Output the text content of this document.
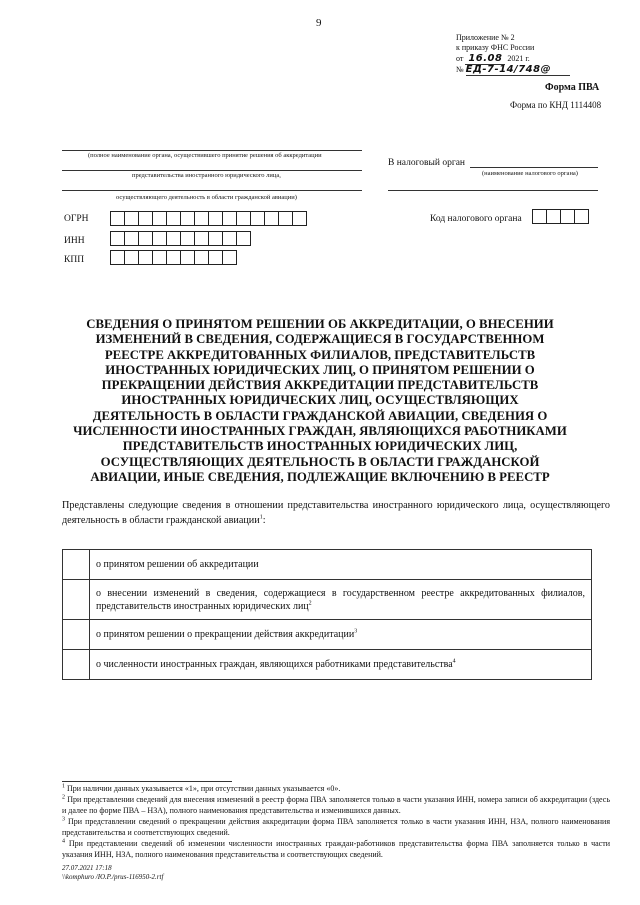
9
Приложение № 2
к приказу ФНС России
от 16.08 2021 г.
№ ЕД-7-14/748@
Форма ПВА
Форма по КНД 1114408
(полное наименование органа, осуществившего принятие решения об аккредитации
представительства иностранного юридического лица,
осуществляющего деятельность в области гражданской авиации)
В налоговый орган
(наименование налогового органа)
ОГРН
ИНН
КПП
Код налогового органа
СВЕДЕНИЯ О ПРИНЯТОМ РЕШЕНИИ ОБ АККРЕДИТАЦИИ, О ВНЕСЕНИИ ИЗМЕНЕНИЙ В СВЕДЕНИЯ, СОДЕРЖАЩИЕСЯ В ГОСУДАРСТВЕННОМ РЕЕСТРЕ АККРЕДИТОВАННЫХ ФИЛИАЛОВ, ПРЕДСТАВИТЕЛЬСТВ ИНОСТРАННЫХ ЮРИДИЧЕСКИХ ЛИЦ, О ПРИНЯТОМ РЕШЕНИИ О ПРЕКРАЩЕНИИ ДЕЙСТВИЯ АККРЕДИТАЦИИ ПРЕДСТАВИТЕЛЬСТВ ИНОСТРАННЫХ ЮРИДИЧЕСКИХ ЛИЦ, ОСУЩЕСТВЛЯЮЩИХ ДЕЯТЕЛЬНОСТЬ В ОБЛАСТИ ГРАЖДАНСКОЙ АВИАЦИИ, СВЕДЕНИЯ О ЧИСЛЕННОСТИ ИНОСТРАННЫХ ГРАЖДАН, ЯВЛЯЮЩИХСЯ РАБОТНИКАМИ ПРЕДСТАВИТЕЛЬСТВ ИНОСТРАННЫХ ЮРИДИЧЕСКИХ ЛИЦ, ОСУЩЕСТВЛЯЮЩИХ ДЕЯТЕЛЬНОСТЬ В ОБЛАСТИ ГРАЖДАНСКОЙ АВИАЦИИ, ИНЫЕ СВЕДЕНИЯ, ПОДЛЕЖАЩИЕ ВКЛЮЧЕНИЮ В РЕЕСТР
Представлены следующие сведения в отношении представительства иностранного юридического лица, осуществляющего деятельность в области гражданской авиации$^1$:
	о принятом решении об аккредитации
	о внесении изменений в сведения, содержащиеся в государственном реестре аккредитованных филиалов, представительств иностранных юридических лиц$^2$
	о принятом решении о прекращении действия аккредитации$^3$
	о численности иностранных граждан, являющихся работниками представительства$^4$
$^1$ При наличии данных указывается «1», при отсутствии данных указывается «0».
$^2$ При представлении сведений для внесения изменений в реестр форма ПВА заполняется только в части указания ИНН, номера записи об аккредитации (здесь и далее по форме ПВА – НЗА), полного наименования представительства и изменившихся данных.
$^3$ При представлении сведений о прекращении действия аккредитации форма ПВА заполняется только в части указания ИНН, НЗА, полного наименования представительства и соответствующих сведений.
$^4$ При представлении сведений об изменении численности иностранных граждан-работников представительства форма ПВА заполняется только в части указания ИНН, НЗА, полного наименования представительства и соответствующих сведений.
27.07.2021 17:18
\\komphuro /Ю.Р./prus-116950-2.rtf
